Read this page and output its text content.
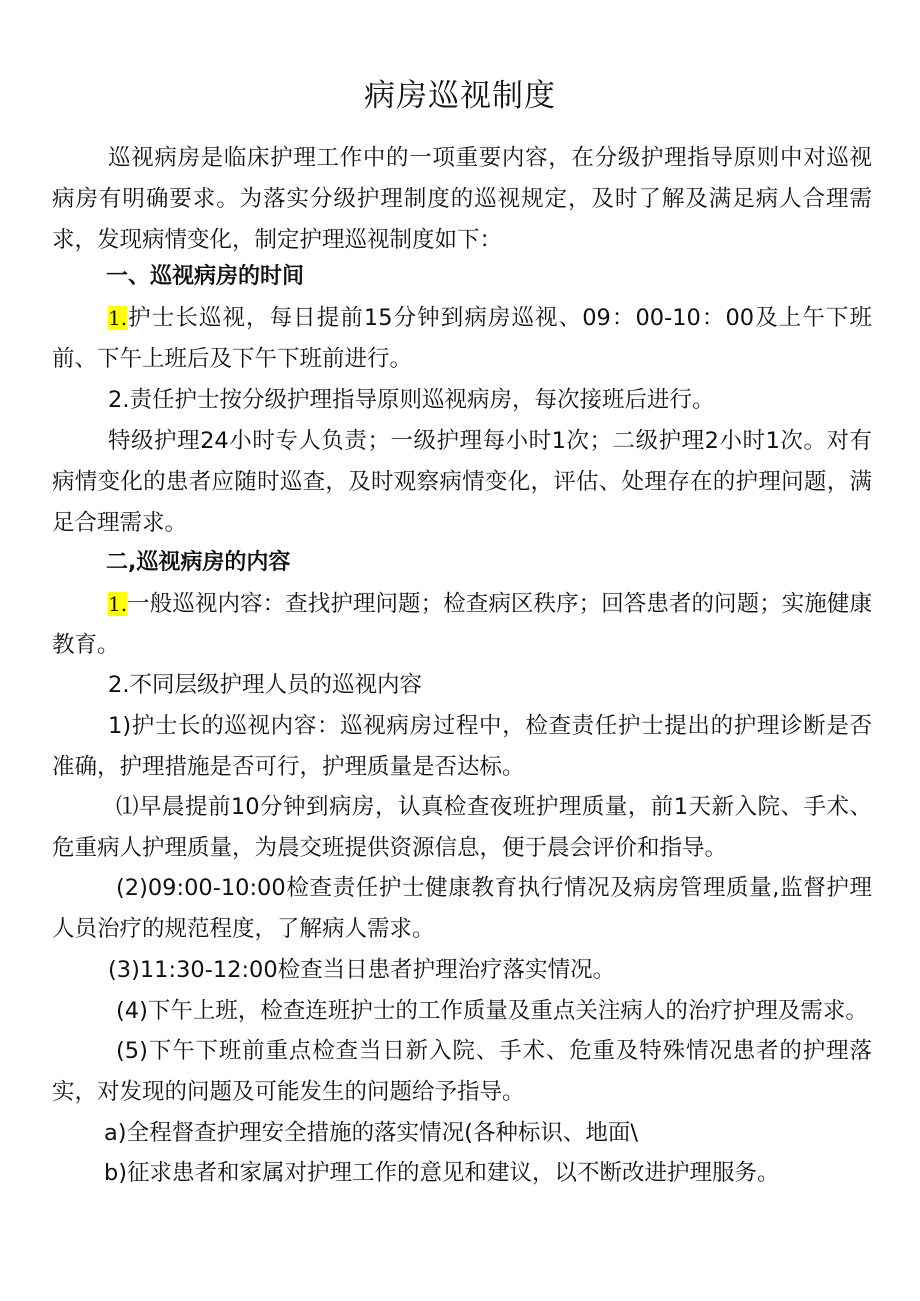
病房巡视制度

巡视病房是临床护理工作中的一项重要内容，在分级护理指导原则中对巡视病房有明确要求。为落实分级护理制度的巡视规定，及时了解及满足病人合理需求，发现病情变化，制定护理巡视制度如下：

一、巡视病房的时间

1.护士长巡视，每日提前15分钟到病房巡视、09：00-10：00及上午下班前、下午上班后及下午下班前进行。

2.责任护士按分级护理指导原则巡视病房，每次接班后进行。

特级护理24小时专人负责；一级护理每小时1次；二级护理2小时1次。对有病情变化的患者应随时巡查，及时观察病情变化，评估、处理存在的护理问题，满足合理需求。

二,巡视病房的内容

1.一般巡视内容：查找护理问题；检查病区秩序；回答患者的问题；实施健康教育。

2.不同层级护理人员的巡视内容

1)护士长的巡视内容：巡视病房过程中，检查责任护士提出的护理诊断是否准确，护理措施是否可行，护理质量是否达标。

⑴早晨提前10分钟到病房，认真检查夜班护理质量，前1天新入院、手术、危重病人护理质量，为晨交班提供资源信息，便于晨会评价和指导。

(2)09:00-10:00检查责任护士健康教育执行情况及病房管理质量,监督护理人员治疗的规范程度，了解病人需求。

(3)11:30-12:00检查当日患者护理治疗落实情况。

(4)下午上班，检查连班护士的工作质量及重点关注病人的治疗护理及需求。

(5)下午下班前重点检查当日新入院、手术、危重及特殊情况患者的护理落实，对发现的问题及可能发生的问题给予指导。

a)全程督查护理安全措施的落实情况(各种标识、地面\

b)征求患者和家属对护理工作的意见和建议，以不断改进护理服务。
